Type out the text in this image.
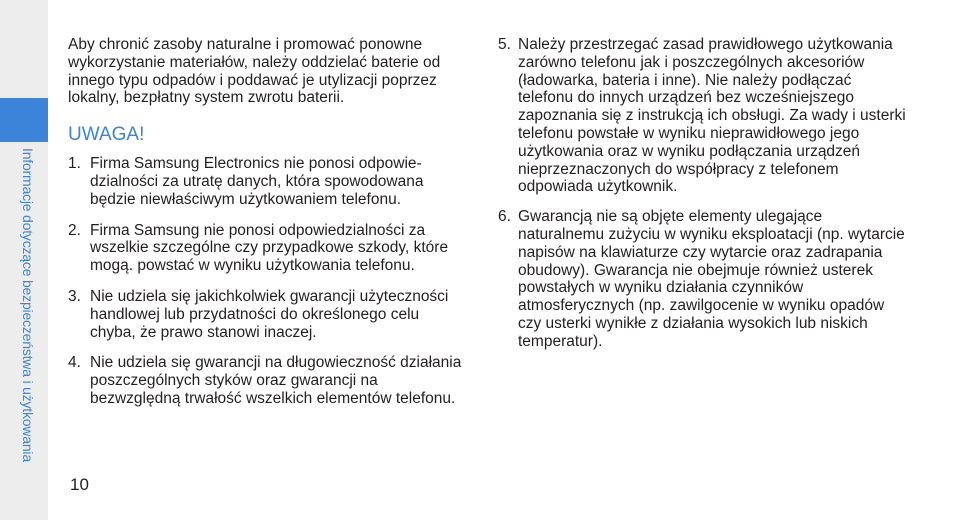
Informacje dotyczące bezpieczeństwa i użytkowania

Aby chronić zasoby naturalne i promować ponowne wykorzystanie materiałów, należy oddzielać baterie od innego typu odpadów i poddawać je utylizacji poprzez lokalny, bezpłatny system zwrotu baterii.

UWAGA!
1. Firma Samsung Electronics nie ponosi odpowie-dzialności za utratę danych, która spowodowana będzie niewłaściwym użytkowaniem telefonu.
2. Firma Samsung nie ponosi odpowiedzialności za wszelkie szczególne czy przypadkowe szkody, które mogą. powstać w wyniku użytkowania telefonu.
3. Nie udziela się jakichkolwiek gwarancji użyteczności handlowej lub przydatności do określonego celu chyba, że prawo stanowi inaczej.
4. Nie udziela się gwarancji na długowieczność działania poszczególnych styków oraz gwarancji na bezwzględną trwałość wszelkich elementów telefonu.
5. Należy przestrzegać zasad prawidłowego użytkowania zarówno telefonu jak i poszczególnych akcesoriów (ładowarka, bateria i inne). Nie należy podłączać telefonu do innych urządzeń bez wcześniejszego zapoznania się z instrukcją ich obsługi. Za wady i usterki telefonu powstałe w wyniku nieprawidłowego jego użytkowania oraz w wyniku podłączania urządzeń nieprzeznaczonych do współpracy z telefonem odpowiada użytkownik.
6. Gwarancją nie są objęte elementy ulegające naturalnemu zużyciu w wyniku eksploatacji (np. wytarcie napisów na klawiaturze czy wytarcie oraz zadrapania obudowy). Gwarancja nie obejmuje również usterek powstałych w wyniku działania czynników atmosferycznych (np. zawilgocenie w wyniku opadów czy usterki wynikłe z działania wysokich lub niskich temperatur).
10
